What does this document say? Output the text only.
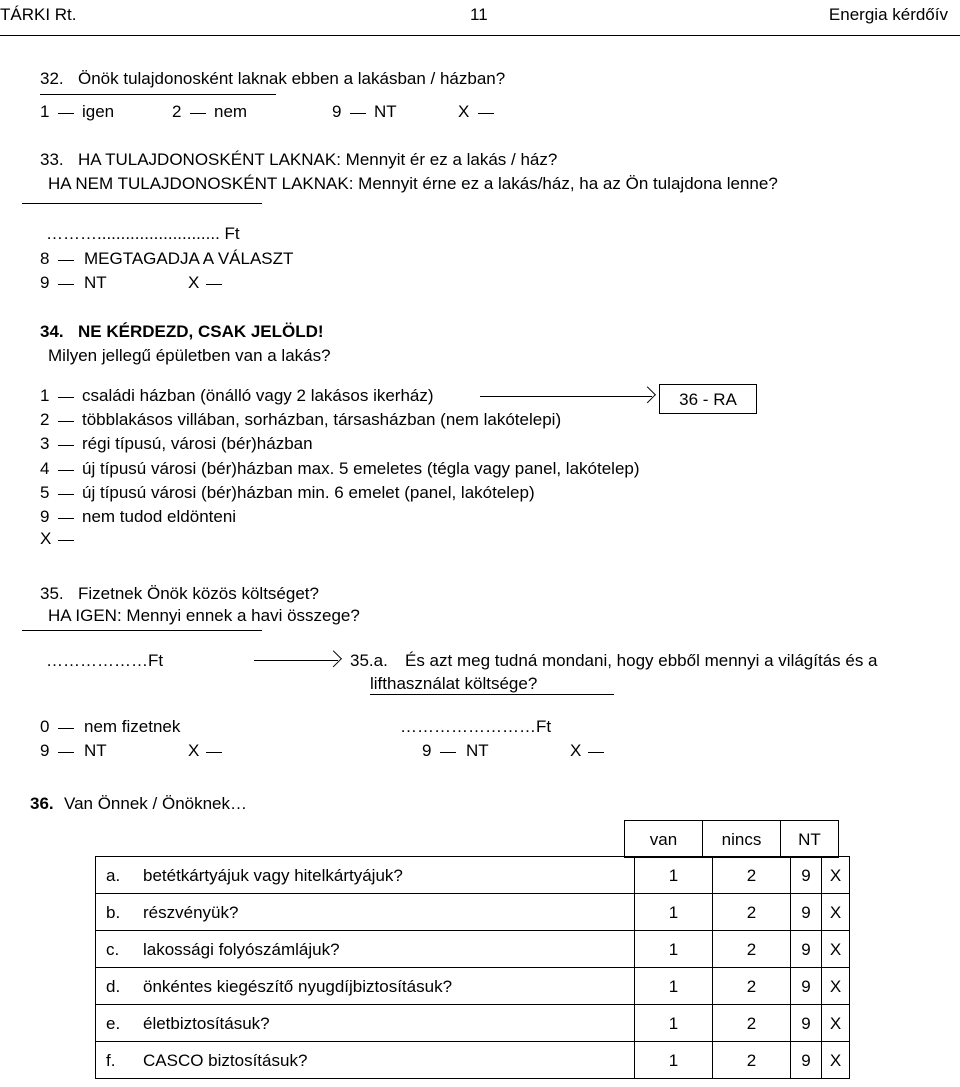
TÁRKI Rt.	11	Energia kérdőív
32. Önök tulajdonosként laknak ebben a lakásban / házban?
1 igen	2 nem	9 NT	X
33. HA TULAJDONOSKÉNT LAKNAK: Mennyit ér ez a lakás / ház?
HA NEM TULAJDONOSKÉNT LAKNAK: Mennyit érne ez a lakás/ház, ha az Ön tulajdona lenne?
……….......................... Ft
8 MEGTAGADJA A VÁLASZT
9 NT	X
34. NE KÉRDEZD, CSAK JELÖLD!
Milyen jellegű épületben van a lakás?
1 családi házban (önálló vagy 2 lakásos ikerház)
2 többlakásos villában, sorházban, társasházban (nem lakótelepi)
3 régi típusú, városi (bér)házban
4 új típusú városi (bér)házban max. 5 emeletes (tégla vagy panel, lakótelep)
5 új típusú városi (bér)házban min. 6 emelet (panel, lakótelep)
9 nem tudod eldönteni
X
36 - RA
35. Fizetnek Önök közös költséget?
HA IGEN: Mennyi ennek a havi összege?
………………Ft	35.a. És azt meg tudná mondani, hogy ebből mennyi a világítás és a
lifthasználat költsége?
0 nem fizetnek	……………………Ft
9 NT	X	9 NT	X
36. Van Önnek / Önöknek…
van	nincs	NT
a. betétkártyájuk vagy hitelkártyájuk?	1	2	9	X
b. részvényük?	1	2	9	X
c. lakossági folyószámlájuk?	1	2	9	X
d. önkéntes kiegészítő nyugdíjbiztosításuk?	1	2	9	X
e. életbiztosításuk?	1	2	9	X
f. CASCO biztosításuk?	1	2	9	X
